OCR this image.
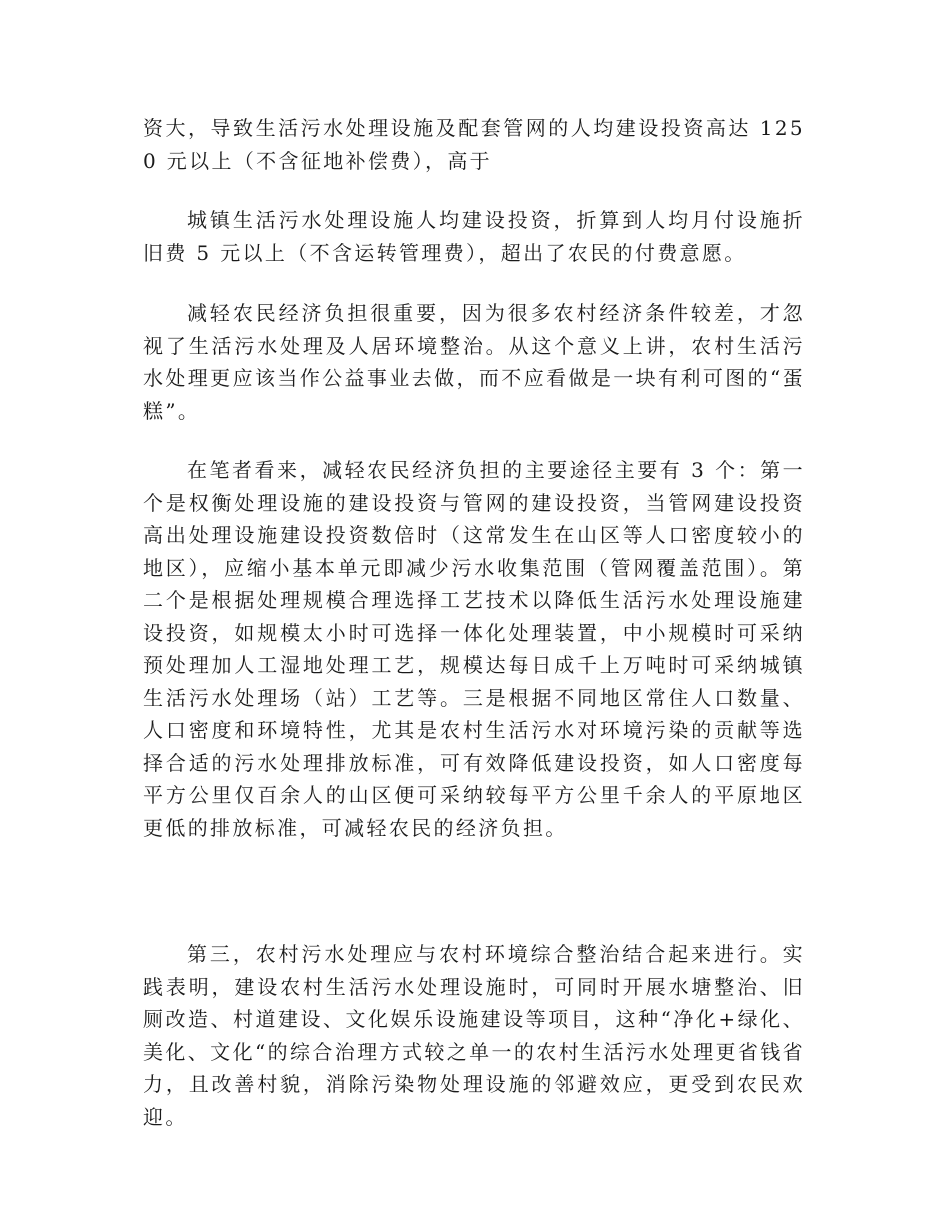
资大，导致生活污水处理设施及配套管网的人均建设投资高达 1250 元以上（不含征地补偿费），高于

城镇生活污水处理设施人均建设投资，折算到人均月付设施折旧费 5 元以上（不含运转管理费），超出了农民的付费意愿。

减轻农民经济负担很重要，因为很多农村经济条件较差，才忽视了生活污水处理及人居环境整治。从这个意义上讲，农村生活污水处理更应该当作公益事业去做，而不应看做是一块有利可图的“蛋糕”。

在笔者看来，减轻农民经济负担的主要途径主要有 3 个：第一个是权衡处理设施的建设投资与管网的建设投资，当管网建设投资高出处理设施建设投资数倍时（这常发生在山区等人口密度较小的地区），应缩小基本单元即减少污水收集范围（管网覆盖范围）。第二个是根据处理规模合理选择工艺技术以降低生活污水处理设施建设投资，如规模太小时可选择一体化处理装置，中小规模时可采纳预处理加人工湿地处理工艺，规模达每日成千上万吨时可采纳城镇生活污水处理场（站）工艺等。三是根据不同地区常住人口数量、人口密度和环境特性，尤其是农村生活污水对环境污染的贡献等选择合适的污水处理排放标准，可有效降低建设投资，如人口密度每平方公里仅百余人的山区便可采纳较每平方公里千余人的平原地区更低的排放标准，可减轻农民的经济负担。

第三，农村污水处理应与农村环境综合整治结合起来进行。实践表明，建设农村生活污水处理设施时，可同时开展水塘整治、旧厕改造、村道建设、文化娱乐设施建设等项目，这种“净化+绿化、美化、文化“的综合治理方式较之单一的农村生活污水处理更省钱省力，且改善村貌，消除污染物处理设施的邻避效应，更受到农民欢迎。
